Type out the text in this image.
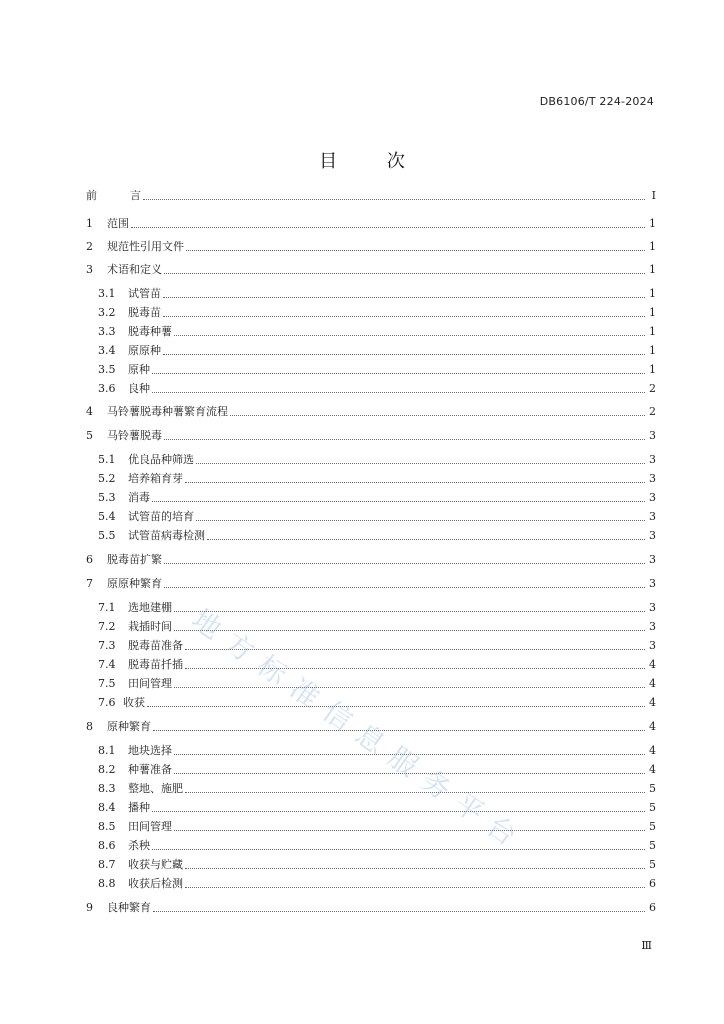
DB6106/T 224-2024
目 次
前	言	Ⅰ
1	范围	1
2	规范性引用文件	1
3	术语和定义	1
3.1	试管苗	1
3.2	脱毒苗	1
3.3	脱毒种薯	1
3.4	原原种	1
3.5	原种	1
3.6	良种	2
4	马铃薯脱毒种薯繁育流程	2
5	马铃薯脱毒	3
5.1	优良品种筛选	3
5.2	培养箱育芽	3
5.3	消毒	3
5.4	试管苗的培育	3
5.5	试管苗病毒检测	3
6	脱毒苗扩繁	3
7	原原种繁育	3
7.1	选地建棚	3
7.2	栽插时间	3
7.3	脱毒苗准备	3
7.4	脱毒苗扦插	4
7.5	田间管理	4
7.6 收获	4
8	原种繁育	4
8.1	地块选择	4
8.2	种薯准备	4
8.3	整地、施肥	5
8.4	播种	5
8.5	田间管理	5
8.6	杀秧	5
8.7	收获与贮藏	5
8.8	收获后检测	6
9	良种繁育	6
地方标准信息服务平台
Ⅲ
